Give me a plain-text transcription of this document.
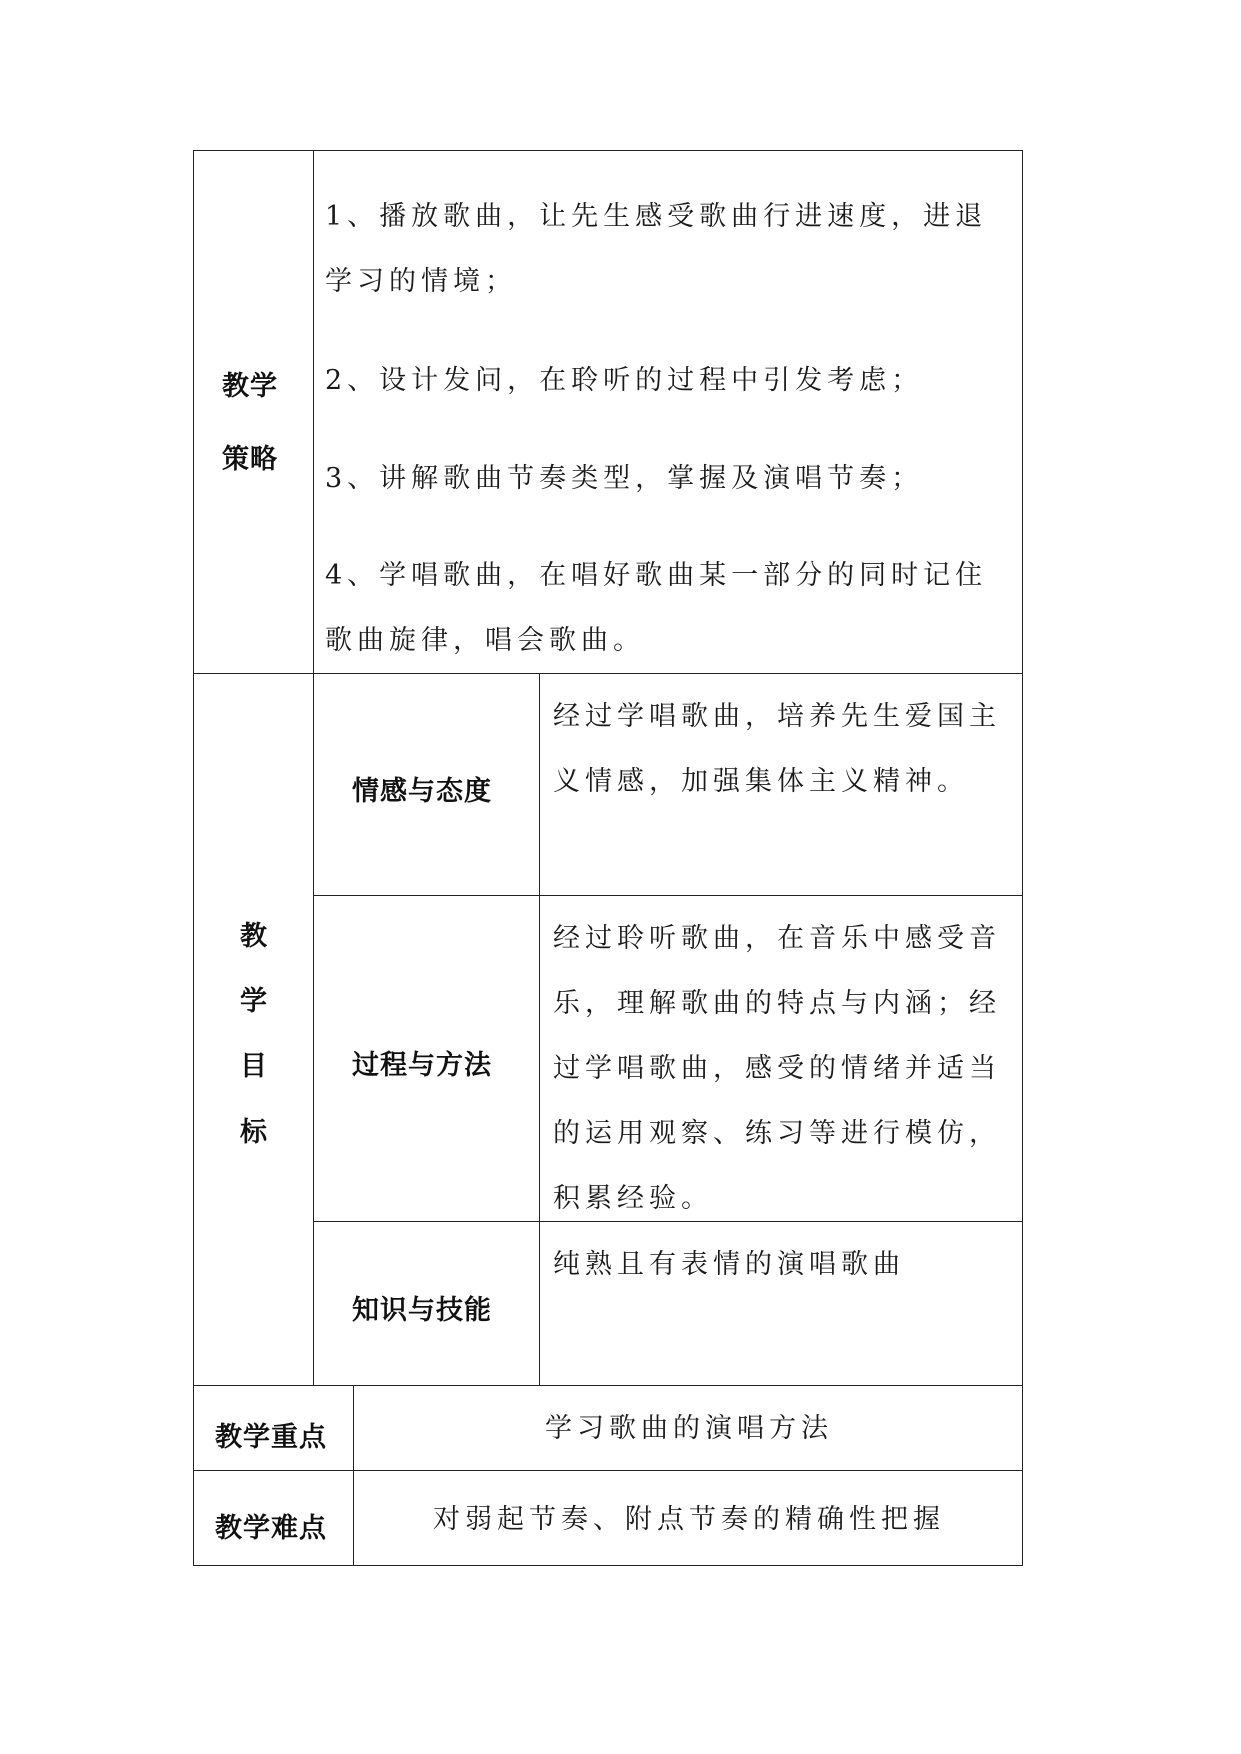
教学
策略

1、播放歌曲，让先生感受歌曲行进速度，进退学习的情境；

2、设计发问，在聆听的过程中引发考虑；

3、讲解歌曲节奏类型，掌握及演唱节奏；

4、学唱歌曲，在唱好歌曲某一部分的同时记住歌曲旋律，唱会歌曲。

教
学
目
标
情感与态度
过程与方法
知识与技能

经过学唱歌曲，培养先生爱国主义情感，加强集体主义精神。

经过聆听歌曲，在音乐中感受音乐，理解歌曲的特点与内涵；经过学唱歌曲，感受的情绪并适当的运用观察、练习等进行模仿，积累经验。

纯熟且有表情的演唱歌曲

教学重点	学习歌曲的演唱方法

教学难点	对弱起节奏、附点节奏的精确性把握
